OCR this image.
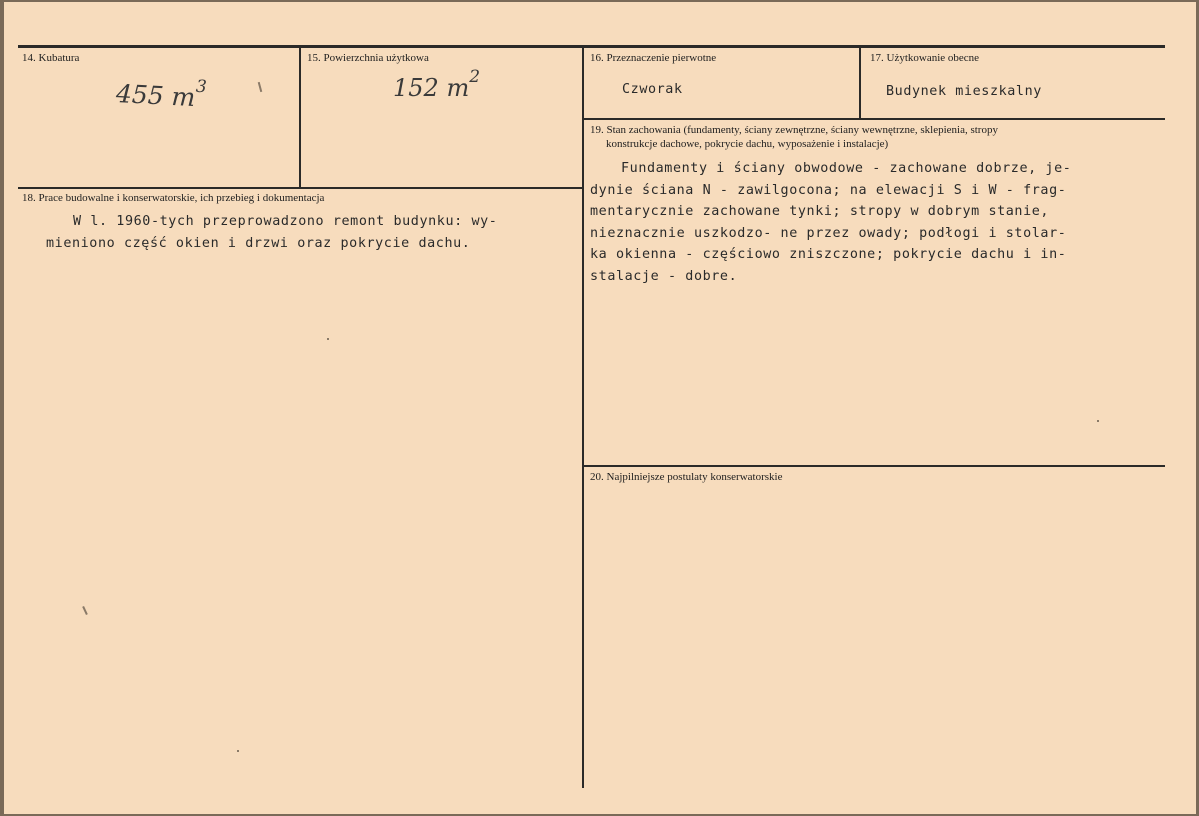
14. Kubatura
455 $m^3$
15. Powierzchnia użytkowa
152 $m^2$
16. Przeznaczenie pierwotne
Czworak
17. Użytkowanie obecne
Budynek mieszkalny
19. Stan zachowania (fundamenty, ściany zewnętrzne, ściany wewnętrzne, sklepienia, stropy
konstrukcje dachowe, pokrycie dachu, wyposażenie i instalacje)
Fundamenty i ściany obwodowe - zachowane dobrze, je-
dynie ściana N - zawilgocona; na elewacji S i W - frag-
mentarycznie zachowane tynki; stropy w dobrym stanie,
nieznacznie uszkodzo- ne przez owady; podłogi i stolar-
ka okienna - częściowo zniszczone; pokrycie dachu i in-
stalacje - dobre.
18. Prace budowalne i konserwatorskie, ich przebieg i dokumentacja
W l. 1960-tych przeprowadzono remont budynku: wy-
mieniono część okien i drzwi oraz pokrycie dachu.
20. Najpilniejsze postulaty konserwatorskie
